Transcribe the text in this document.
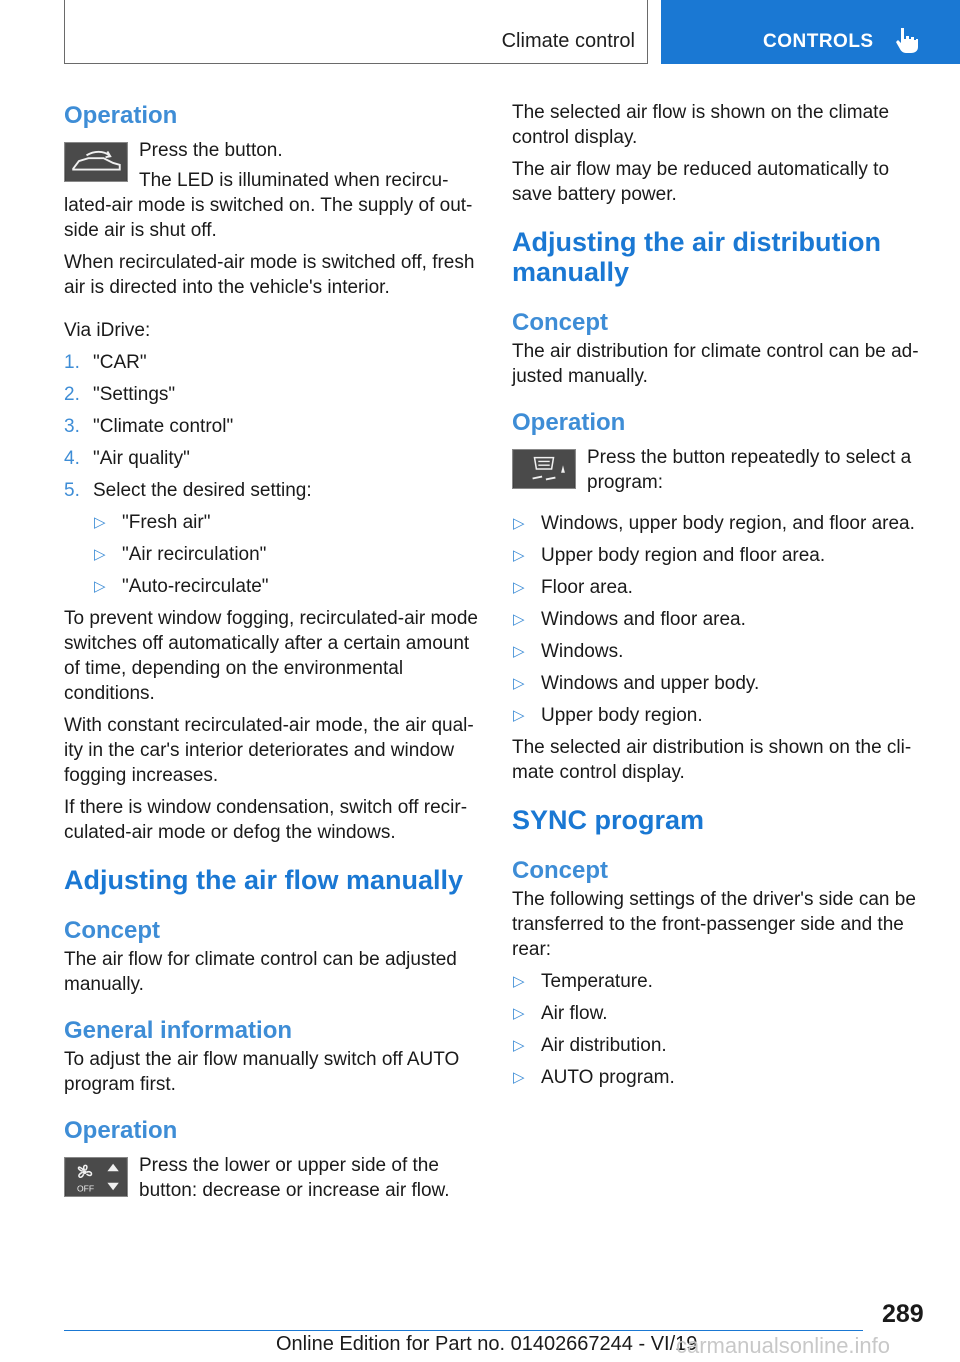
Climate control	CONTROLS
Operation

Press the button.

The LED is illuminated when recirculated-air mode is switched on. The supply of outside air is shut off.

When recirculated-air mode is switched off, fresh air is directed into the vehicle's interior.

Via iDrive:

1. "CAR"
2. "Settings"
3. "Climate control"
4. "Air quality"
5. Select the desired setting:
▷ "Fresh air"
▷ "Air recirculation"
▷ "Auto-recirculate"

To prevent window fogging, recirculated-air mode switches off automatically after a certain amount of time, depending on the environmental conditions.

With constant recirculated-air mode, the air quality in the car's interior deteriorates and window fogging increases.

If there is window condensation, switch off recirculated-air mode or defog the windows.

Adjusting the air flow manually
Concept

The air flow for climate control can be adjusted manually.

General information

To adjust the air flow manually switch off AUTO program first.

Operation
OFF

Press the lower or upper side of the button: decrease or increase air flow.

The selected air flow is shown on the climate control display.

The air flow may be reduced automatically to save battery power.

Adjusting the air distribution manually
Concept

The air distribution for climate control can be adjusted manually.

Operation

Press the button repeatedly to select a program:

▷ Windows, upper body region, and floor area.
▷ Upper body region and floor area.
▷ Floor area.
▷ Windows and floor area.
▷ Windows.
▷ Windows and upper body.
▷ Upper body region.

The selected air distribution is shown on the climate control display.

SYNC program
Concept

The following settings of the driver's side can be transferred to the front-passenger side and the rear:

▷ Temperature.
▷ Air flow.
▷ Air distribution.
▷ AUTO program.
289
Online Edition for Part no. 01402667244 - VI/19
carmanualsonline.info
